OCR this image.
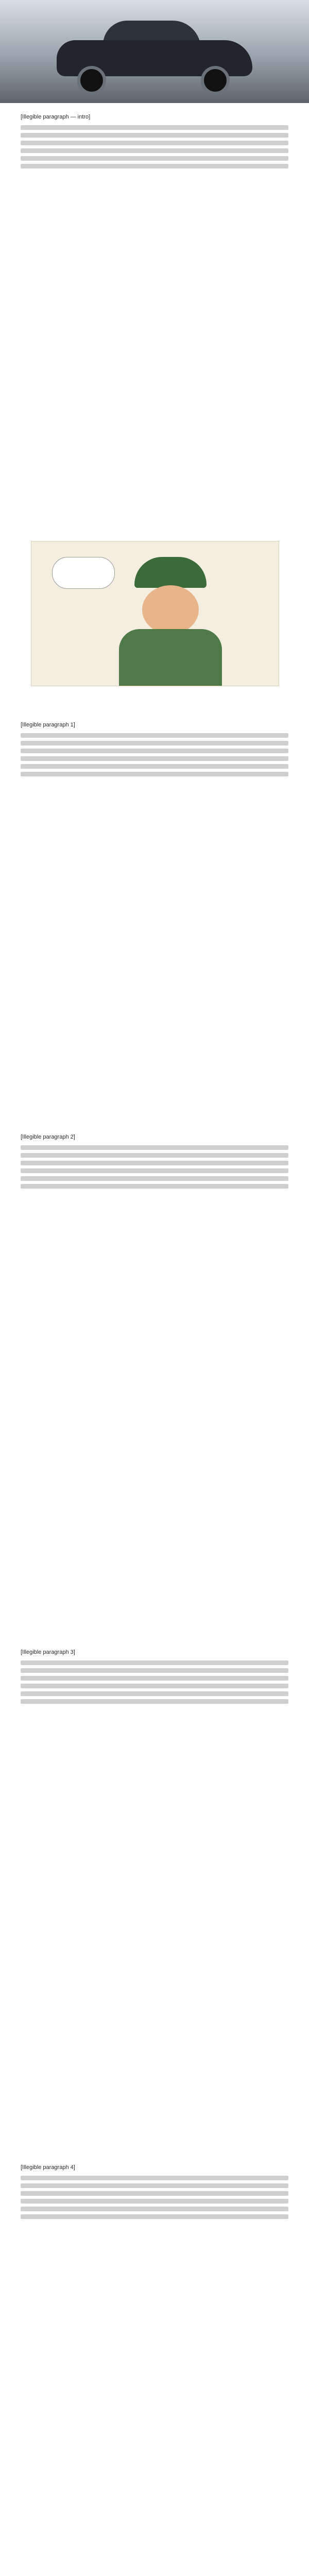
[Illegible paragraph — intro]

[Illegible paragraph 1]

[Illegible paragraph 2]

[Illegible paragraph 3]

[Illegible paragraph 4]
